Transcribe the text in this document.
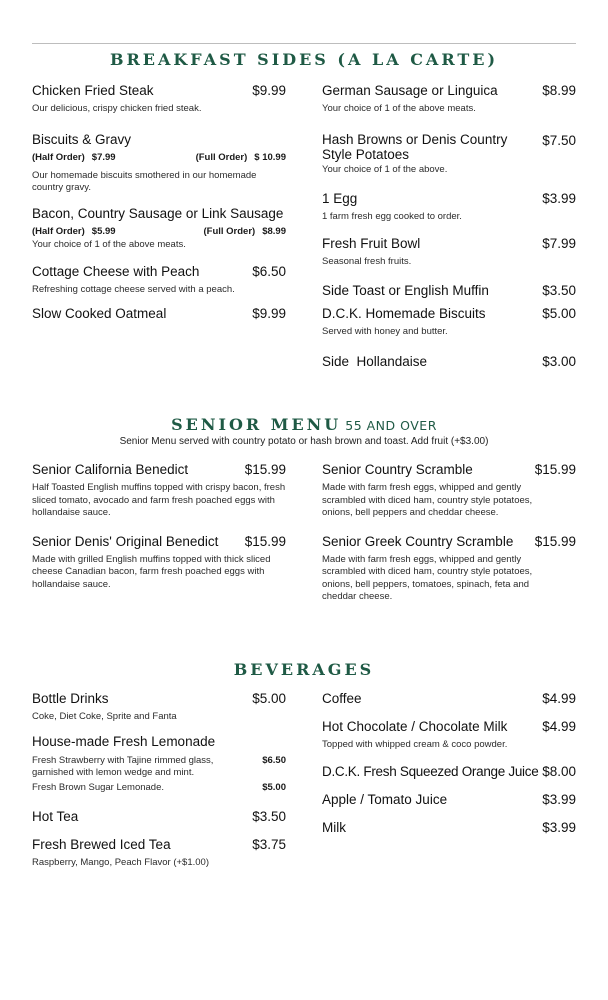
BREAKFAST SIDES (A LA CARTE)
Chicken Fried Steak	$9.99
Our delicious, crispy chicken fried steak.
Biscuits & Gravy
(Half Order) $7.99	(Full Order) $ 10.99
Our homemade biscuits smothered in our homemade country gravy.
Bacon, Country Sausage or Link Sausage
(Half Order) $5.99	(Full Order) $8.99
Your choice of 1 of the above meats.
Cottage Cheese with Peach	$6.50
Refreshing cottage cheese served with a peach.
Slow Cooked Oatmeal	$9.99
German Sausage or Linguica	$8.99
Your choice of 1 of the above meats.
Hash Browns or Denis Country Style Potatoes
$7.50
Your choice of 1 of the above.
1 Egg	$3.99
1 farm fresh egg cooked to order.
Fresh Fruit Bowl	$7.99
Seasonal fresh fruits.
Side Toast or English Muffin	$3.50
D.C.K. Homemade Biscuits	$5.00
Served with honey and butter.
Side  Hollandaise	$3.00
SENIOR MENU 55 AND OVER
Senior Menu served with country potato or hash brown and toast. Add fruit (+$3.00)
Senior California Benedict	$15.99
Half Toasted English muffins topped with crispy bacon, fresh sliced tomato, avocado and farm fresh poached eggs with hollandaise sauce.
Senior Denis' Original Benedict $15.99
Made with grilled English muffins topped with thick sliced cheese Canadian bacon, farm fresh poached eggs with hollandaise sauce.
Senior Country Scramble	$15.99
Made with farm fresh eggs, whipped and gently scrambled with diced ham, country style potatoes, onions, bell peppers and cheddar cheese.
Senior Greek Country Scramble $15.99
Made with farm fresh eggs, whipped and gently scrambled with diced ham, country style potatoes, onions, bell peppers, tomatoes, spinach, feta and cheddar cheese.
BEVERAGES
Bottle Drinks	$5.00
Coke, Diet Coke, Sprite and Fanta
House-made Fresh Lemonade
Fresh Strawberry with Tajine rimmed glass, garnished with lemon wedge and mint.
$6.50
Fresh Brown Sugar Lemonade.	$5.00
Hot Tea	$3.50
Fresh Brewed Iced Tea	$3.75
Raspberry, Mango, Peach Flavor (+$1.00)
Coffee	$4.99
Hot Chocolate / Chocolate Milk	$4.99
Topped with whipped cream & coco powder.
D.C.K. Fresh Squeezed Orange Juice $8.00
Apple / Tomato Juice	$3.99
Milk	$3.99
